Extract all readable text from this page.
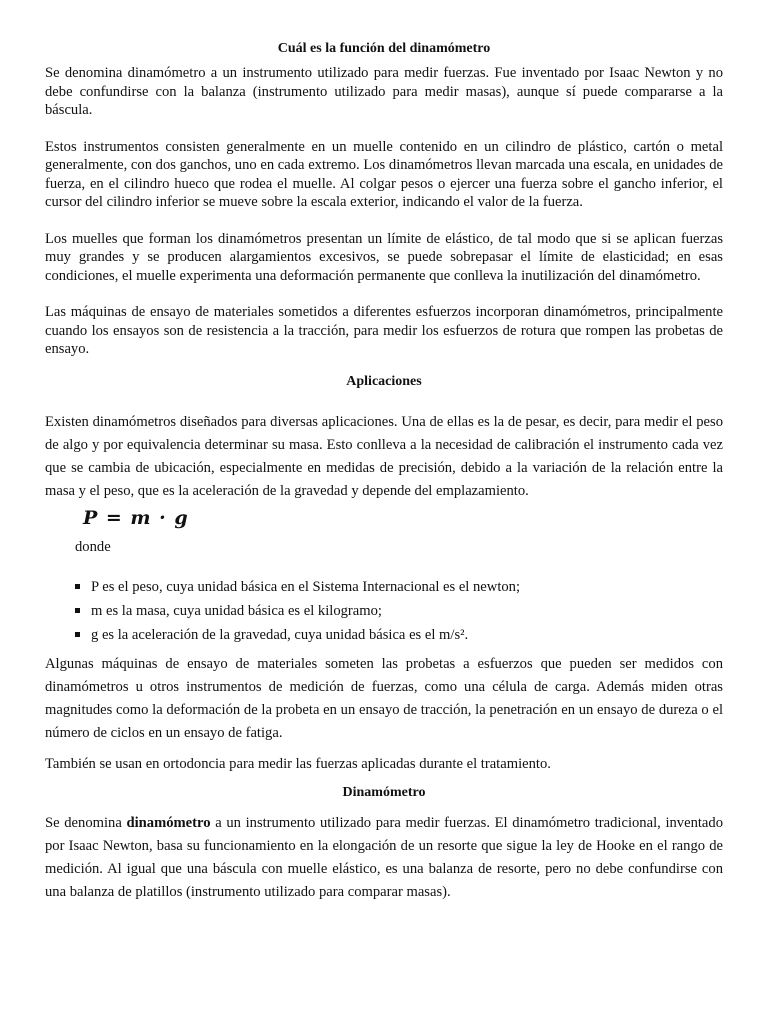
Cuál es la función del dinamómetro

Se denomina dinamómetro a un instrumento utilizado para medir fuerzas. Fue inventado por Isaac Newton y no debe confundirse con la balanza (instrumento utilizado para medir masas), aunque sí puede compararse a la báscula.

Estos instrumentos consisten generalmente en un muelle contenido en un cilindro de plástico, cartón o metal generalmente, con dos ganchos, uno en cada extremo. Los dinamómetros llevan marcada una escala, en unidades de fuerza, en el cilindro hueco que rodea el muelle. Al colgar pesos o ejercer una fuerza sobre el gancho inferior, el cursor del cilindro inferior se mueve sobre la escala exterior, indicando el valor de la fuerza.

Los muelles que forman los dinamómetros presentan un límite de elástico, de tal modo que si se aplican fuerzas muy grandes y se producen alargamientos excesivos, se puede sobrepasar el límite de elasticidad; en esas condiciones, el muelle experimenta una deformación permanente que conlleva la inutilización del dinamómetro.

Las máquinas de ensayo de materiales sometidos a diferentes esfuerzos incorporan dinamómetros, principalmente cuando los ensayos son de resistencia a la tracción, para medir los esfuerzos de rotura que rompen las probetas de ensayo.

Aplicaciones

Existen dinamómetros diseñados para diversas aplicaciones. Una de ellas es la de pesar, es decir, para medir el peso de algo y por equivalencia determinar su masa. Esto conlleva a la necesidad de calibración el instrumento cada vez que se cambia de ubicación, especialmente en medidas de precisión, debido a la variación de la relación entre la masa y el peso, que es la aceleración de la gravedad y depende del emplazamiento.

P = m · g
donde
P es el peso, cuya unidad básica en el Sistema Internacional es el newton;
m es la masa, cuya unidad básica es el kilogramo;
g es la aceleración de la gravedad, cuya unidad básica es el m/s².

Algunas máquinas de ensayo de materiales someten las probetas a esfuerzos que pueden ser medidos con dinamómetros u otros instrumentos de medición de fuerzas, como una célula de carga. Además miden otras magnitudes como la deformación de la probeta en un ensayo de tracción, la penetración en un ensayo de dureza o el número de ciclos en un ensayo de fatiga.

También se usan en ortodoncia para medir las fuerzas aplicadas durante el tratamiento.

Dinamómetro

Se denomina dinamómetro a un instrumento utilizado para medir fuerzas. El dinamómetro tradicional, inventado por Isaac Newton, basa su funcionamiento en la elongación de un resorte que sigue la ley de Hooke en el rango de medición. Al igual que una báscula con muelle elástico, es una balanza de resorte, pero no debe confundirse con una balanza de platillos (instrumento utilizado para comparar masas).
